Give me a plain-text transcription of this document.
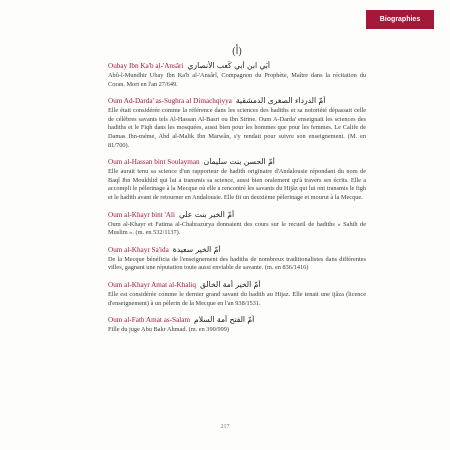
Biographies
(أ)
Oubay Ibn Ka'b al-'Ansâri أُبَي ابن أبي كَعب الأنصاري
Abû-l-Mundhir Ubay Ibn Ka'b al-'Ansârî, Compagnon du Prophète, Maître dans la récitation du Coran. Mort en l'an 27/649.
Oum Ad-Darda' as-Sughra al Dimachqiyya أمّ الدرداء الصغرى الدمشقية
Elle était considérée comme la référence dans les sciences des hadiths et sa notoriété dépassait celle de célèbres savants tels Al-Hassan Al-Basri ou Ibn Sirine. Oum A-Darda' enseignait les sciences des hadiths et le Fiqh dans les mosquées, aussi bien pour les hommes que pour les femmes. Le Calife de Damas Ibn-méme, Abd al-Malik Ibn Marwân, s'y rendait pour suivre son enseignement. (M. en 81/700).
Oum al-Hassan bint Soulayman أمّ الحسن بنت سليمان
Elle aurait tenu sa science d'un rapporteur de hadith originaire d'Andalousie répondant du nom de Baqî Ibn Moukhlid qui lui a transmis sa science, aussi bien oralement qu'à travers ses écrits. Elle a accompli le pèlerinage à la Mecque où elle a rencontré les savants du Hijâz qui lui ont transmis le figh et le hadith avant de retourner en Andalousie. Elle fit un deuxième pèlerinage et mourut à la Mecque.
Oum al-Khayr bint 'Ali أمّ الخير بنت علي
Oum al-Khayr et Fatima al-Chahrazurya donnaient des cours sur le recueil de hadiths « Sahih de Muslim ». (m. en 532/1137).
Oum al-Khayr Sa'ida أمّ الخير سعيدة
De la Mecque bénéficia de l'enseignement des hadiths de nombreux traditionalistes dans différentes villes, gagnant une réputation toute aussi enviable de savante. (m. en 836/1416)
Oum al-Khayr Amat al-Khaliq أمّ الخير أمة الخالق
Elle est considérée comme le dernier grand savant du hadith au Hijaz. Elle tenait une ijâza (licence d'enseignement) à un pèlerin de la Mecque en l'an 938/1531.
Oum al-Fath Amat as-Salam أمّ الفتح أمة السلام
Fille du juge Abu Bakr Ahmad. (m. en 390/999)
217
